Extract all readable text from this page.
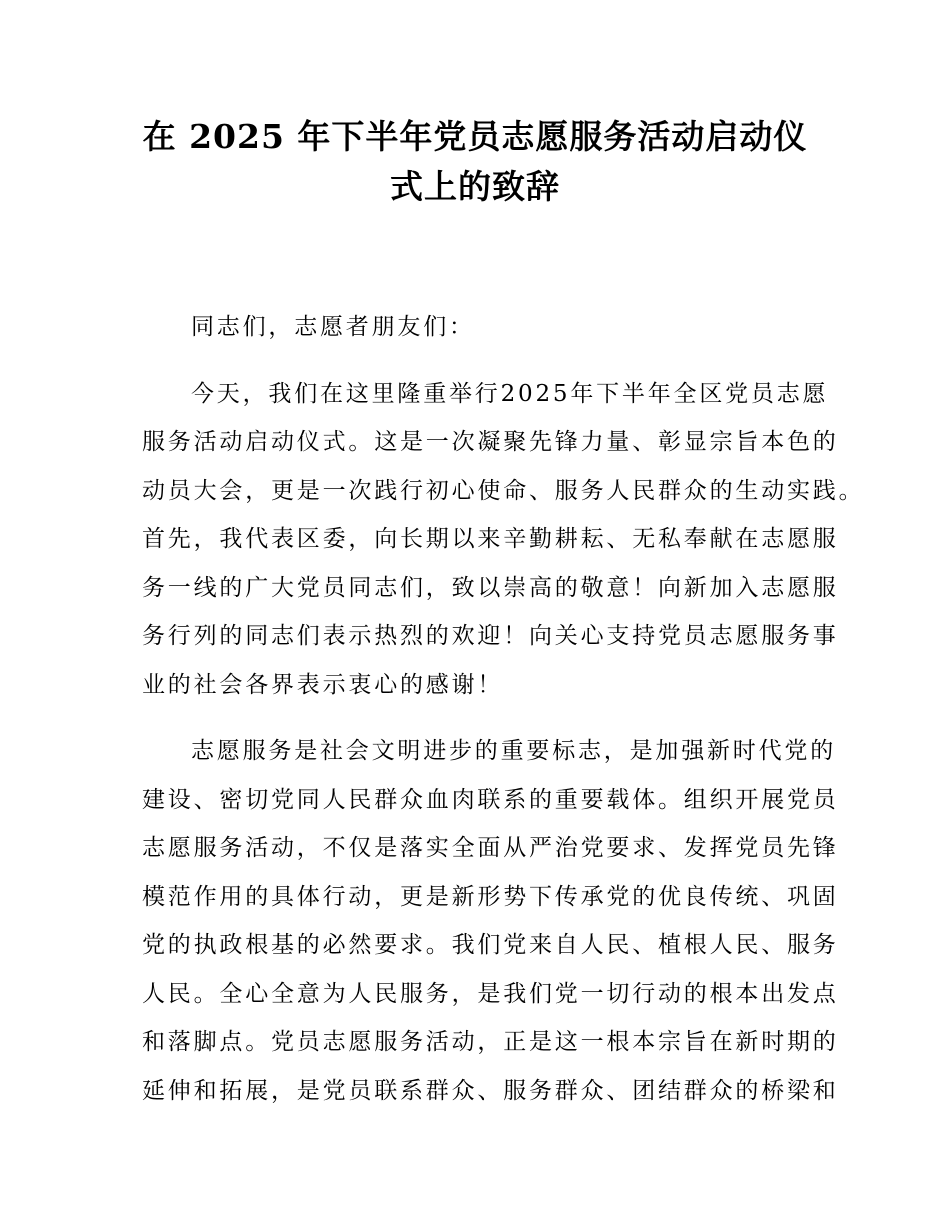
在 2025 年下半年党员志愿服务活动启动仪
式上的致辞
同志们，志愿者朋友们：
今天，我们在这里隆重举行2025年下半年全区党员志愿
服务活动启动仪式。这是一次凝聚先锋力量、彰显宗旨本色的
动员大会，更是一次践行初心使命、服务人民群众的生动实践。
首先，我代表区委，向长期以来辛勤耕耘、无私奉献在志愿服
务一线的广大党员同志们，致以崇高的敬意！向新加入志愿服
务行列的同志们表示热烈的欢迎！向关心支持党员志愿服务事
业的社会各界表示衷心的感谢！
志愿服务是社会文明进步的重要标志，是加强新时代党的
建设、密切党同人民群众血肉联系的重要载体。组织开展党员
志愿服务活动，不仅是落实全面从严治党要求、发挥党员先锋
模范作用的具体行动，更是新形势下传承党的优良传统、巩固
党的执政根基的必然要求。我们党来自人民、植根人民、服务
人民。全心全意为人民服务，是我们党一切行动的根本出发点
和落脚点。党员志愿服务活动，正是这一根本宗旨在新时期的
延伸和拓展，是党员联系群众、服务群众、团结群众的桥梁和
